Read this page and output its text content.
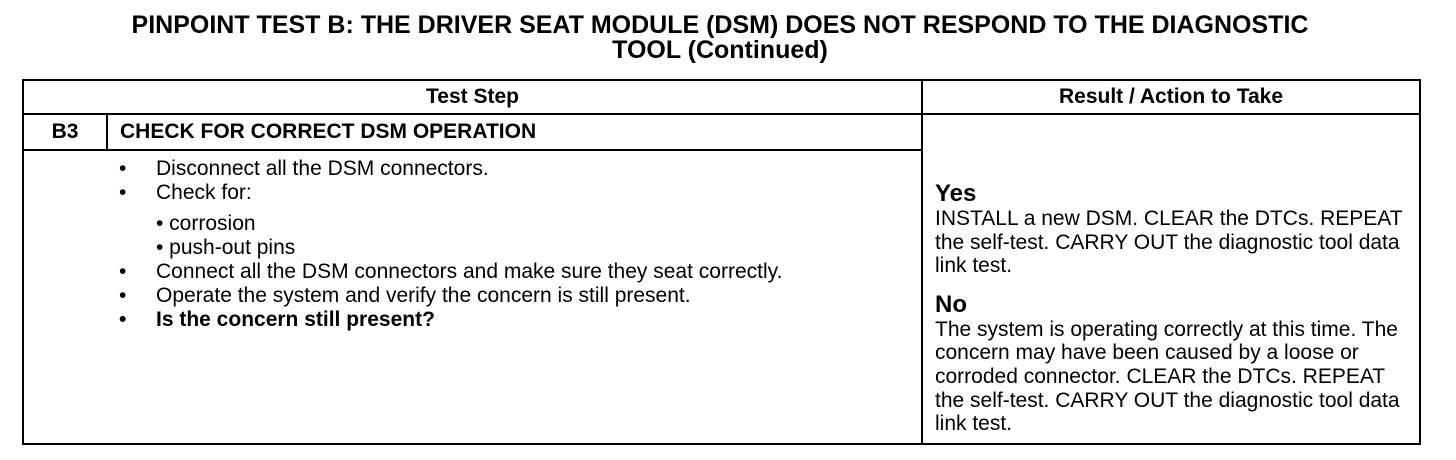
PINPOINT TEST B: THE DRIVER SEAT MODULE (DSM) DOES NOT RESPOND TO THE DIAGNOSTIC
TOOL (Continued)
Test Step	Result / Action to Take
B3	CHECK FOR CORRECT DSM OPERATION
• Disconnect all the DSM connectors.
• Check for:
• corrosion
• push-out pins
• Connect all the DSM connectors and make sure they seat correctly.
• Operate the system and verify the concern is still present.
• Is the concern still present?
Yes
INSTALL a new DSM. CLEAR the DTCs. REPEAT the self-test. CARRY OUT the diagnostic tool data link test.
No
The system is operating correctly at this time. The concern may have been caused by a loose or corroded connector. CLEAR the DTCs. REPEAT the self-test. CARRY OUT the diagnostic tool data link test.
